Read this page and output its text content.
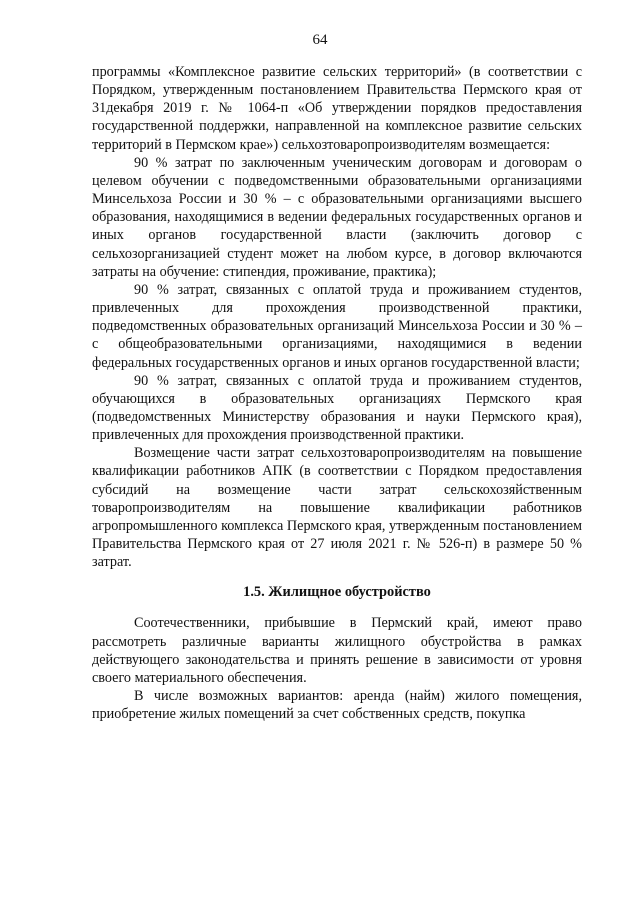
64

программы «Комплексное развитие сельских территорий» (в соответствии с Порядком, утвержденным постановлением Правительства Пермского края от 31декабря 2019 г. № 1064-п «Об утверждении порядков предоставления государственной поддержки, направленной на комплексное развитие сельских территорий в Пермском крае») сельхозтоваропроизводителям возмещается:

90 % затрат по заключенным ученическим договорам и договорам о целевом обучении с подведомственными образовательными организациями Минсельхоза России и 30 % – с образовательными организациями высшего образования, находящимися в ведении федеральных государственных органов и иных органов государственной власти (заключить договор с сельхозорганизацией студент может на любом курсе, в договор включаются затраты на обучение: стипендия, проживание, практика);

90 % затрат, связанных с оплатой труда и проживанием студентов, привлеченных для прохождения производственной практики, подведомственных образовательных организаций Минсельхоза России и 30 % – с общеобразовательными организациями, находящимися в ведении федеральных государственных органов и иных органов государственной власти;

90 % затрат, связанных с оплатой труда и проживанием студентов, обучающихся в образовательных организациях Пермского края (подведомственных Министерству образования и науки Пермского края), привлеченных для прохождения производственной практики.

Возмещение части затрат сельхозтоваропроизводителям на повышение квалификации работников АПК (в соответствии с Порядком предоставления субсидий на возмещение части затрат сельскохозяйственным товаропроизводителям на повышение квалификации работников агропромышленного комплекса Пермского края, утвержденным постановлением Правительства Пермского края от 27 июля 2021 г. № 526-п) в размере 50 % затрат.

1.5. Жилищное обустройство

Соотечественники, прибывшие в Пермский край, имеют право рассмотреть различные варианты жилищного обустройства в рамках действующего законодательства и принять решение в зависимости от уровня своего материального обеспечения.

В числе возможных вариантов: аренда (найм) жилого помещения, приобретение жилых помещений за счет собственных средств, покупка
